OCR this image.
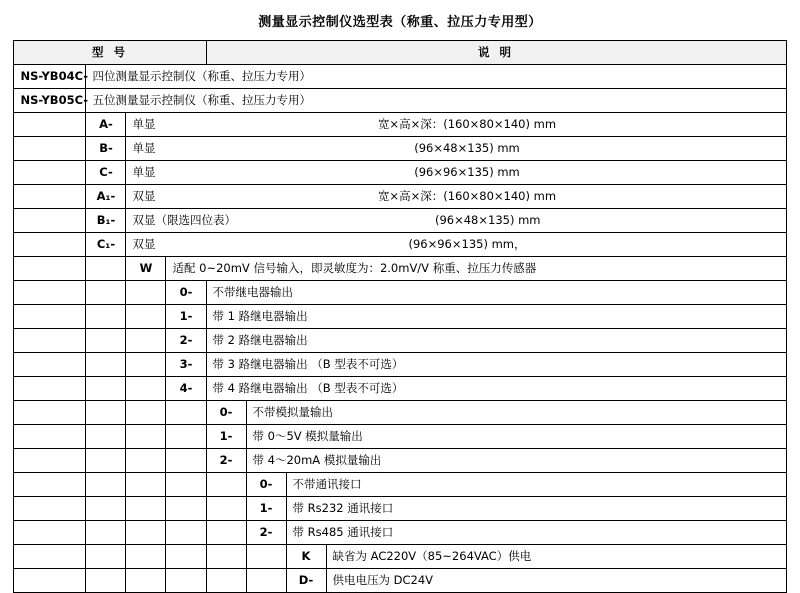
测量显示控制仪选型表（称重、拉压力专用型）
型 号				说 明			
NS-YB04C-	四位测量显示控制仪（称重、拉压力专用）						
NS-YB05C-	五位测量显示控制仪（称重、拉压力专用）						
	A-	单显 宽×高×深：(160×80×140) mm					

	B-	单显 (96×48×135) mm					

	C-	单显 (96×96×135) mm					

	A₁-	双显 宽×高×深：(160×80×140) mm					

	B₁-	双显（限选四位表） (96×48×135) mm					

	C₁-	双显 (96×96×135) mm，					

		W	适配 0~20mV 信号输入，即灵敏度为：2.0mV/V 称重、拉压力传感器				
			0-	不带继电器输出			
			1-	带 1 路继电器输出			
			2-	带 2 路继电器输出			
			3-	带 3 路继电器输出 （B 型表不可选）			
			4-	带 4 路继电器输出 （B 型表不可选）			
				0-	不带模拟量输出		
				1-	带 0～5V 模拟量输出		
				2-	带 4～20mA 模拟量输出		
					0-	不带通讯接口	
					1-	带 Rs232 通讯接口	
					2-	带 Rs485 通讯接口	
						K	缺省为 AC220V（85~264VAC）供电
						D-	供电电压为 DC24V
